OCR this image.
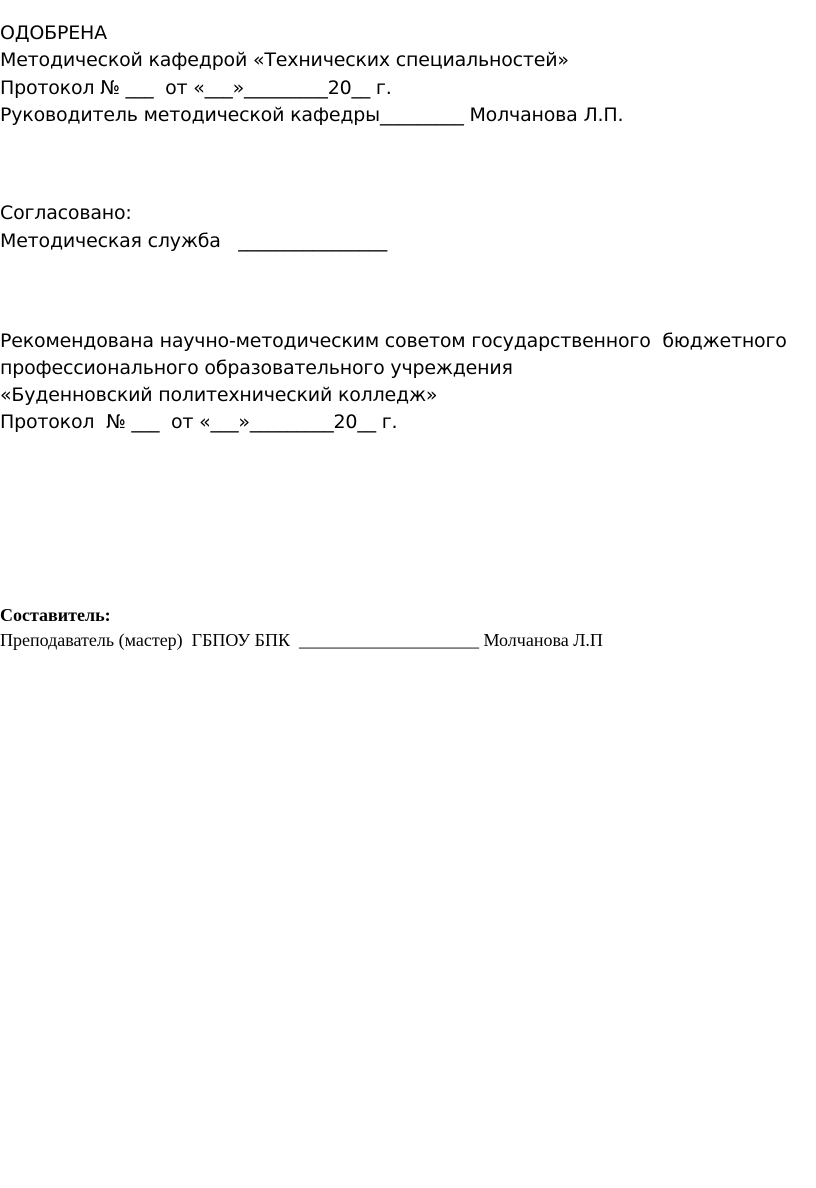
ОДОБРЕНА
Методической кафедрой «Технических специальностей»
Протокол № ___  от «___»_________20__ г.
Руководитель методической кафедры_________ Молчанова Л.П.
Согласовано:
Методическая служба   ________________
Рекомендована научно-методическим советом государственного  бюджетного
профессионального образовательного учреждения
«Буденновский политехнический колледж»
Протокол  № ___  от «___»_________20__ г.
Составитель:
Преподаватель (мастер)  ГБПОУ БПК  ____________________ Молчанова Л.П
